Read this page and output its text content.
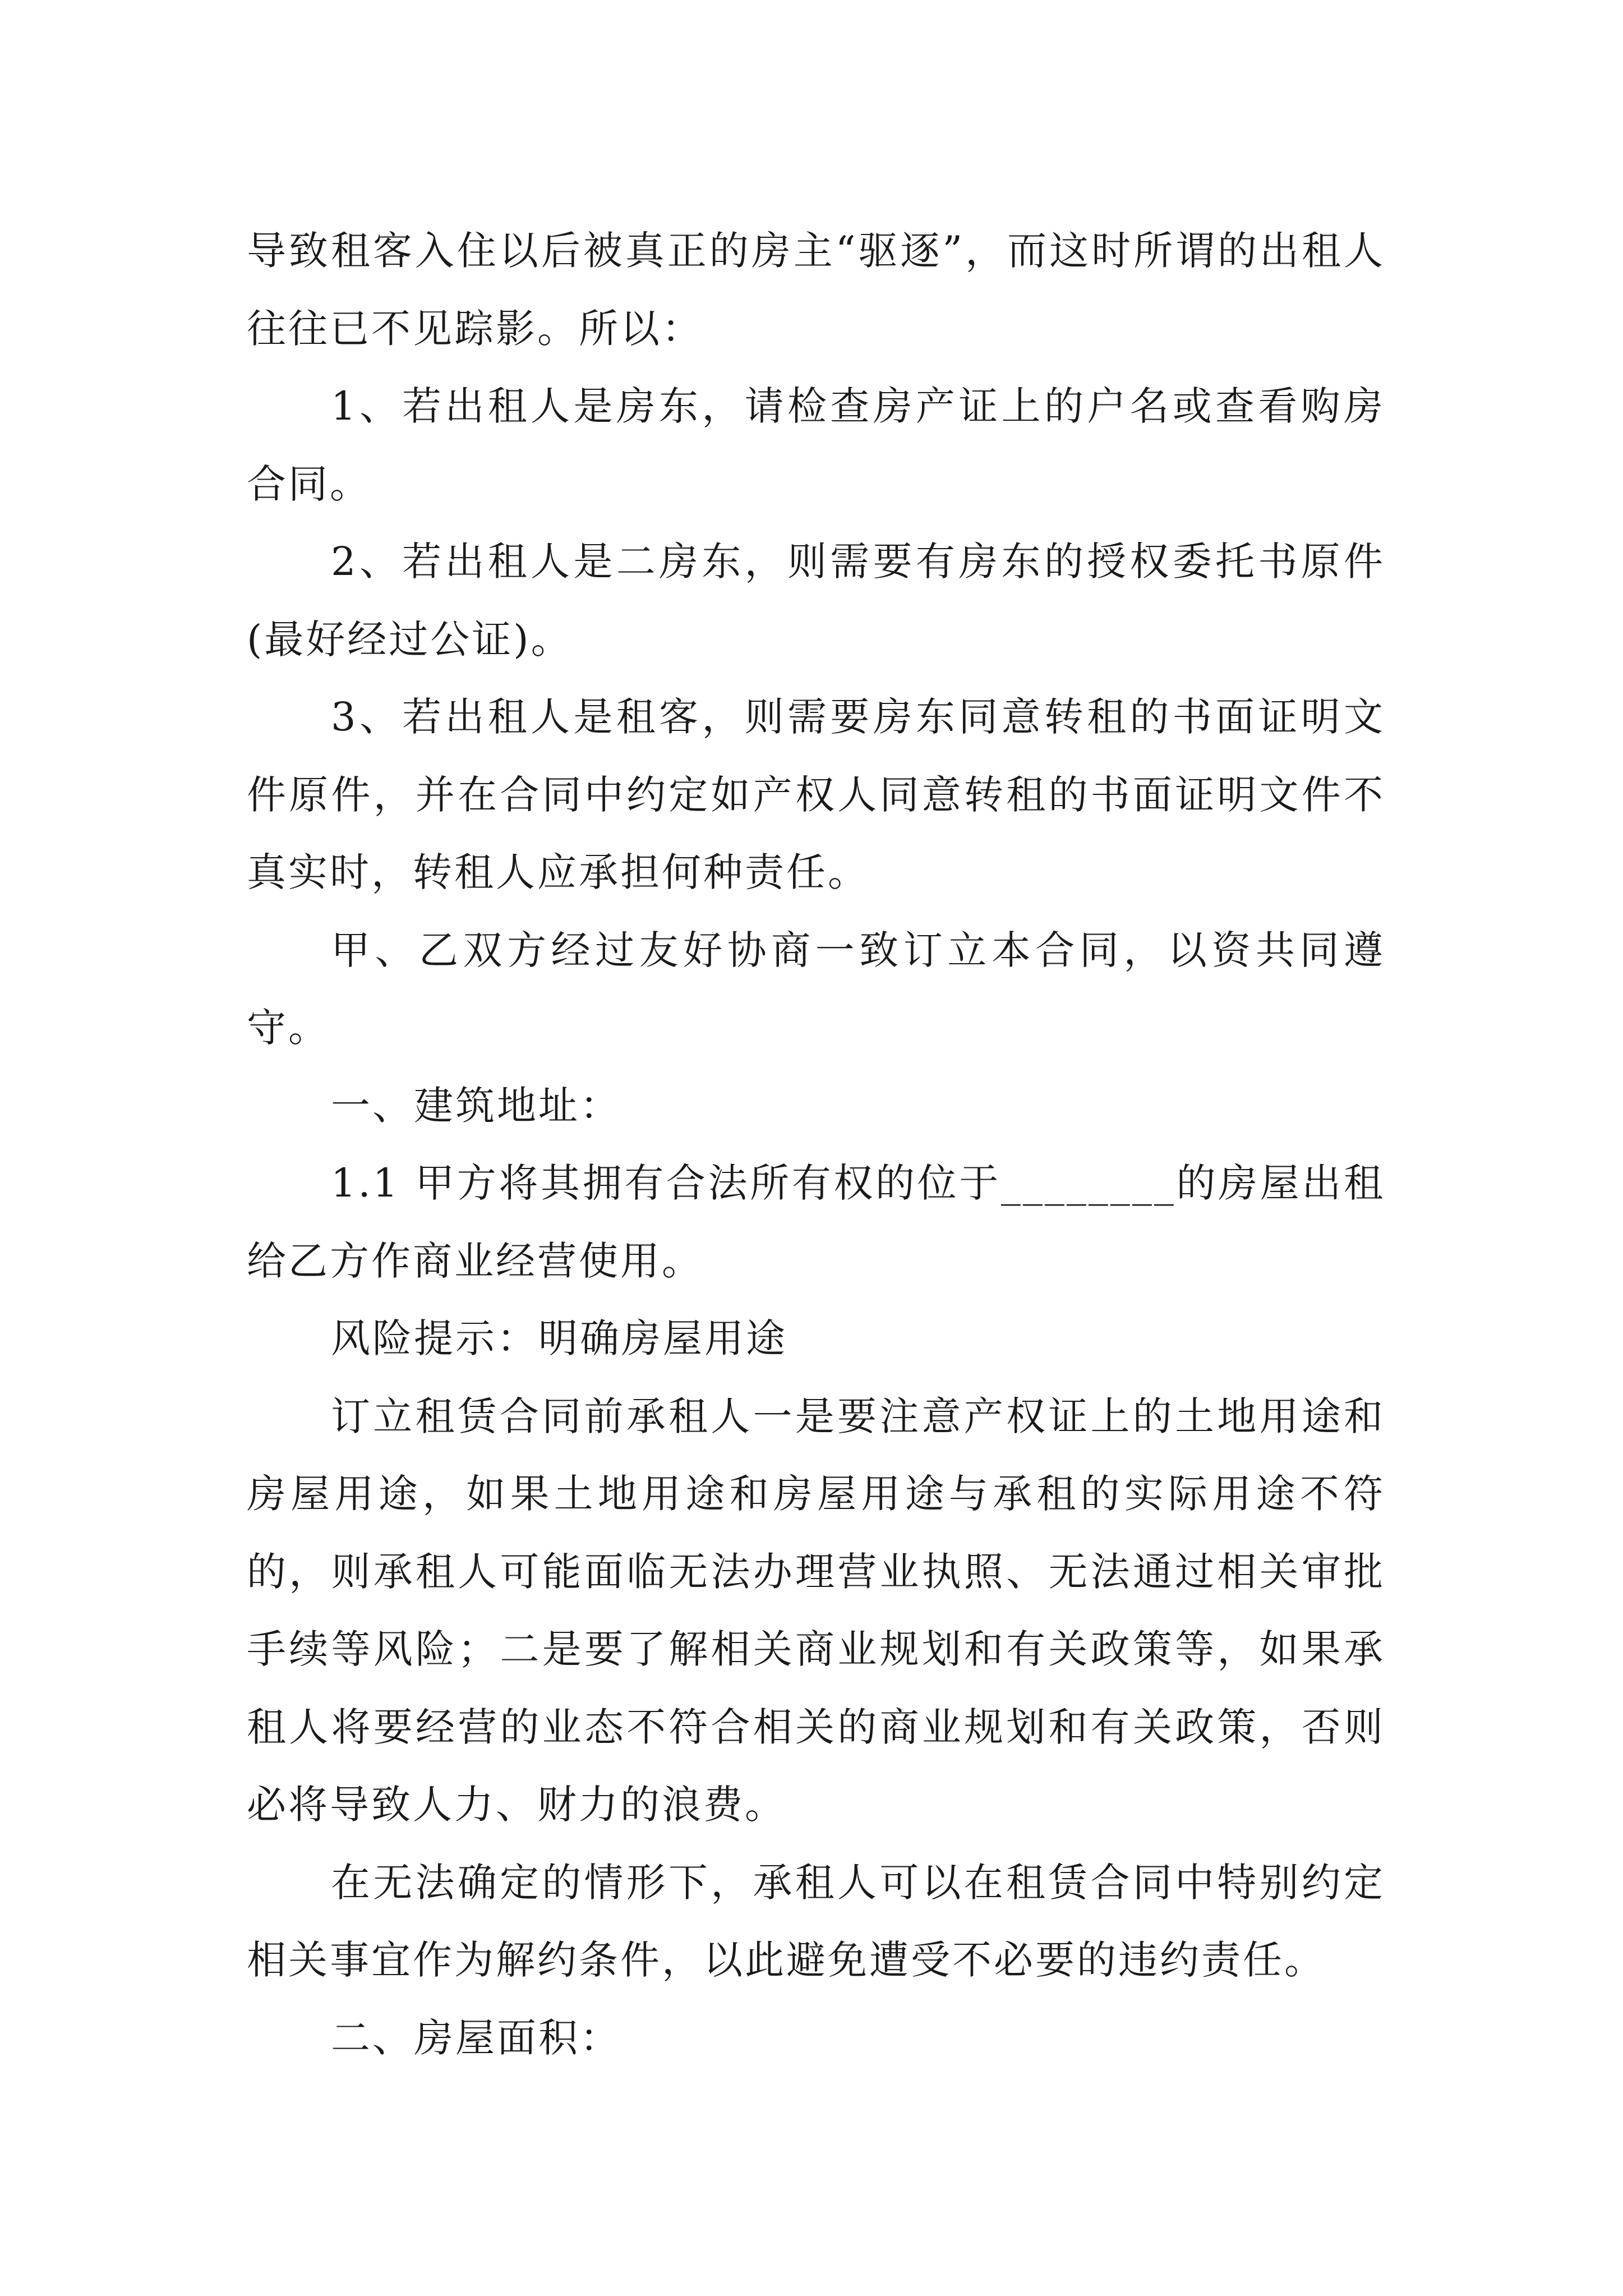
导致租客入住以后被真正的房主“驱逐”，而这时所谓的出租人往往已不见踪影。所以：

1、若出租人是房东，请检查房产证上的户名或查看购房合同。

2、若出租人是二房东，则需要有房东的授权委托书原件(最好经过公证)。

3、若出租人是租客，则需要房东同意转租的书面证明文件原件，并在合同中约定如产权人同意转租的书面证明文件不真实时，转租人应承担何种责任。

甲、乙双方经过友好协商一致订立本合同，以资共同遵守。

一、建筑地址：

1.1 甲方将其拥有合法所有权的位于________的房屋出租给乙方作商业经营使用。

风险提示：明确房屋用途

订立租赁合同前承租人一是要注意产权证上的土地用途和房屋用途，如果土地用途和房屋用途与承租的实际用途不符的，则承租人可能面临无法办理营业执照、无法通过相关审批手续等风险；二是要了解相关商业规划和有关政策等，如果承租人将要经营的业态不符合相关的商业规划和有关政策，否则必将导致人力、财力的浪费。

在无法确定的情形下，承租人可以在租赁合同中特别约定相关事宜作为解约条件，以此避免遭受不必要的违约责任。

二、房屋面积：
